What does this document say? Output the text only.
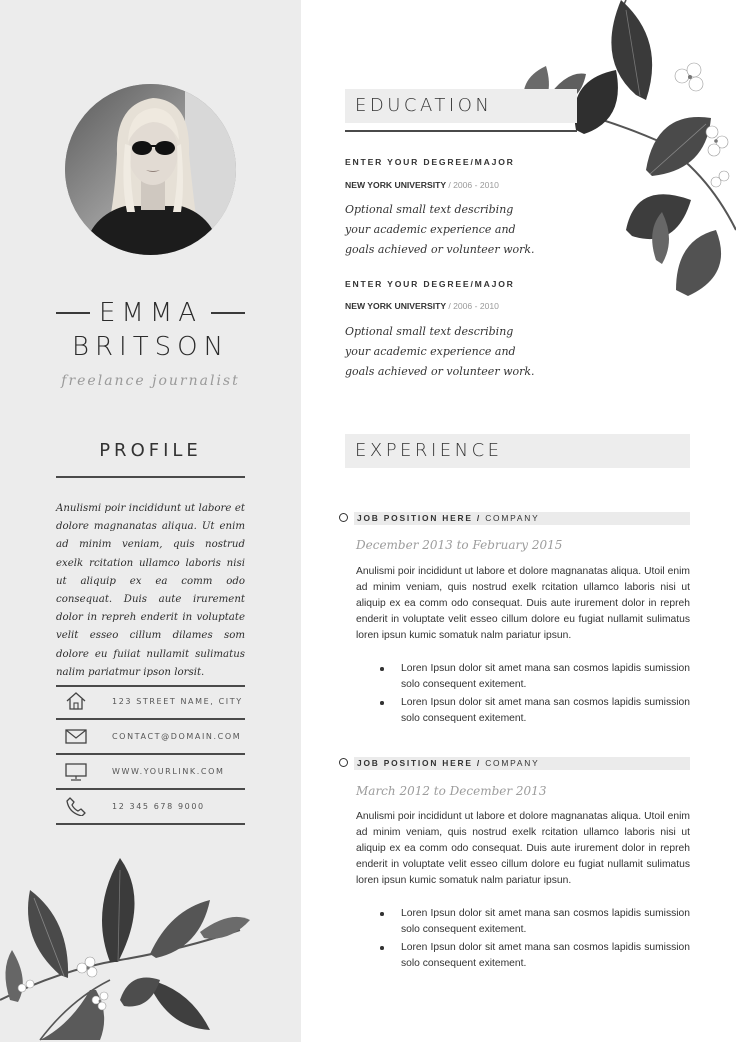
EMMA
BRITSON
freelance journalist
PROFILE

Anulismi poir incididunt ut labore et dolore magnanatas aliqua. Ut enim ad minim veniam, quis nostrud exelk rcitation ullamco laboris nisi ut aliquip ex ea comm odo consequat. Duis aute irurement dolor in repreh enderit in voluptate velit esseo cillum dilames som dolore eu fuiiat nullamit sulimatus nalim pariatmur ipson lorsit.

123 STREET NAME, CITY
CONTACT@DOMAIN.COM
WWW.YOURLINK.COM
12 345 678 9000
EDUCATION
ENTER YOUR DEGREE/MAJOR
NEW YORK UNIVERSITY / 2006 - 2010
Optional small text describing
your academic experience and
goals achieved or volunteer work.
ENTER YOUR DEGREE/MAJOR
NEW YORK UNIVERSITY / 2006 - 2010
Optional small text describing
your academic experience and
goals achieved or volunteer work.
EXPERIENCE
JOB POSITION HERE / COMPANY
December 2013 to February 2015

Anulismi poir incididunt ut labore et dolore magnanatas aliqua. Utoil enim ad minim veniam, quis nostrud exelk rcitation ullamco laboris nisi ut aliquip ex ea comm odo consequat. Duis aute irurement dolor in repreh enderit in voluptate velit esseo cillum dolore eu fugiat nullamit sulimatus loren ipsun kumic somatuk nalm pariatur ipsun.

Loren Ipsun dolor sit amet mana san cosmos lapidis sumission solo consequent exitement.
Loren Ipsun dolor sit amet mana san cosmos lapidis sumission solo consequent exitement.
JOB POSITION HERE / COMPANY
March 2012 to December 2013

Anulismi poir incididunt ut labore et dolore magnanatas aliqua. Utoil enim ad minim veniam, quis nostrud exelk rcitation ullamco laboris nisi ut aliquip ex ea comm odo consequat. Duis aute irurement dolor in repreh enderit in voluptate velit esseo cillum dolore eu fugiat nullamit sulimatus loren ipsun kumic somatuk nalm pariatur ipsun.

Loren Ipsun dolor sit amet mana san cosmos lapidis sumission solo consequent exitement.
Loren Ipsun dolor sit amet mana san cosmos lapidis sumission solo consequent exitement.
